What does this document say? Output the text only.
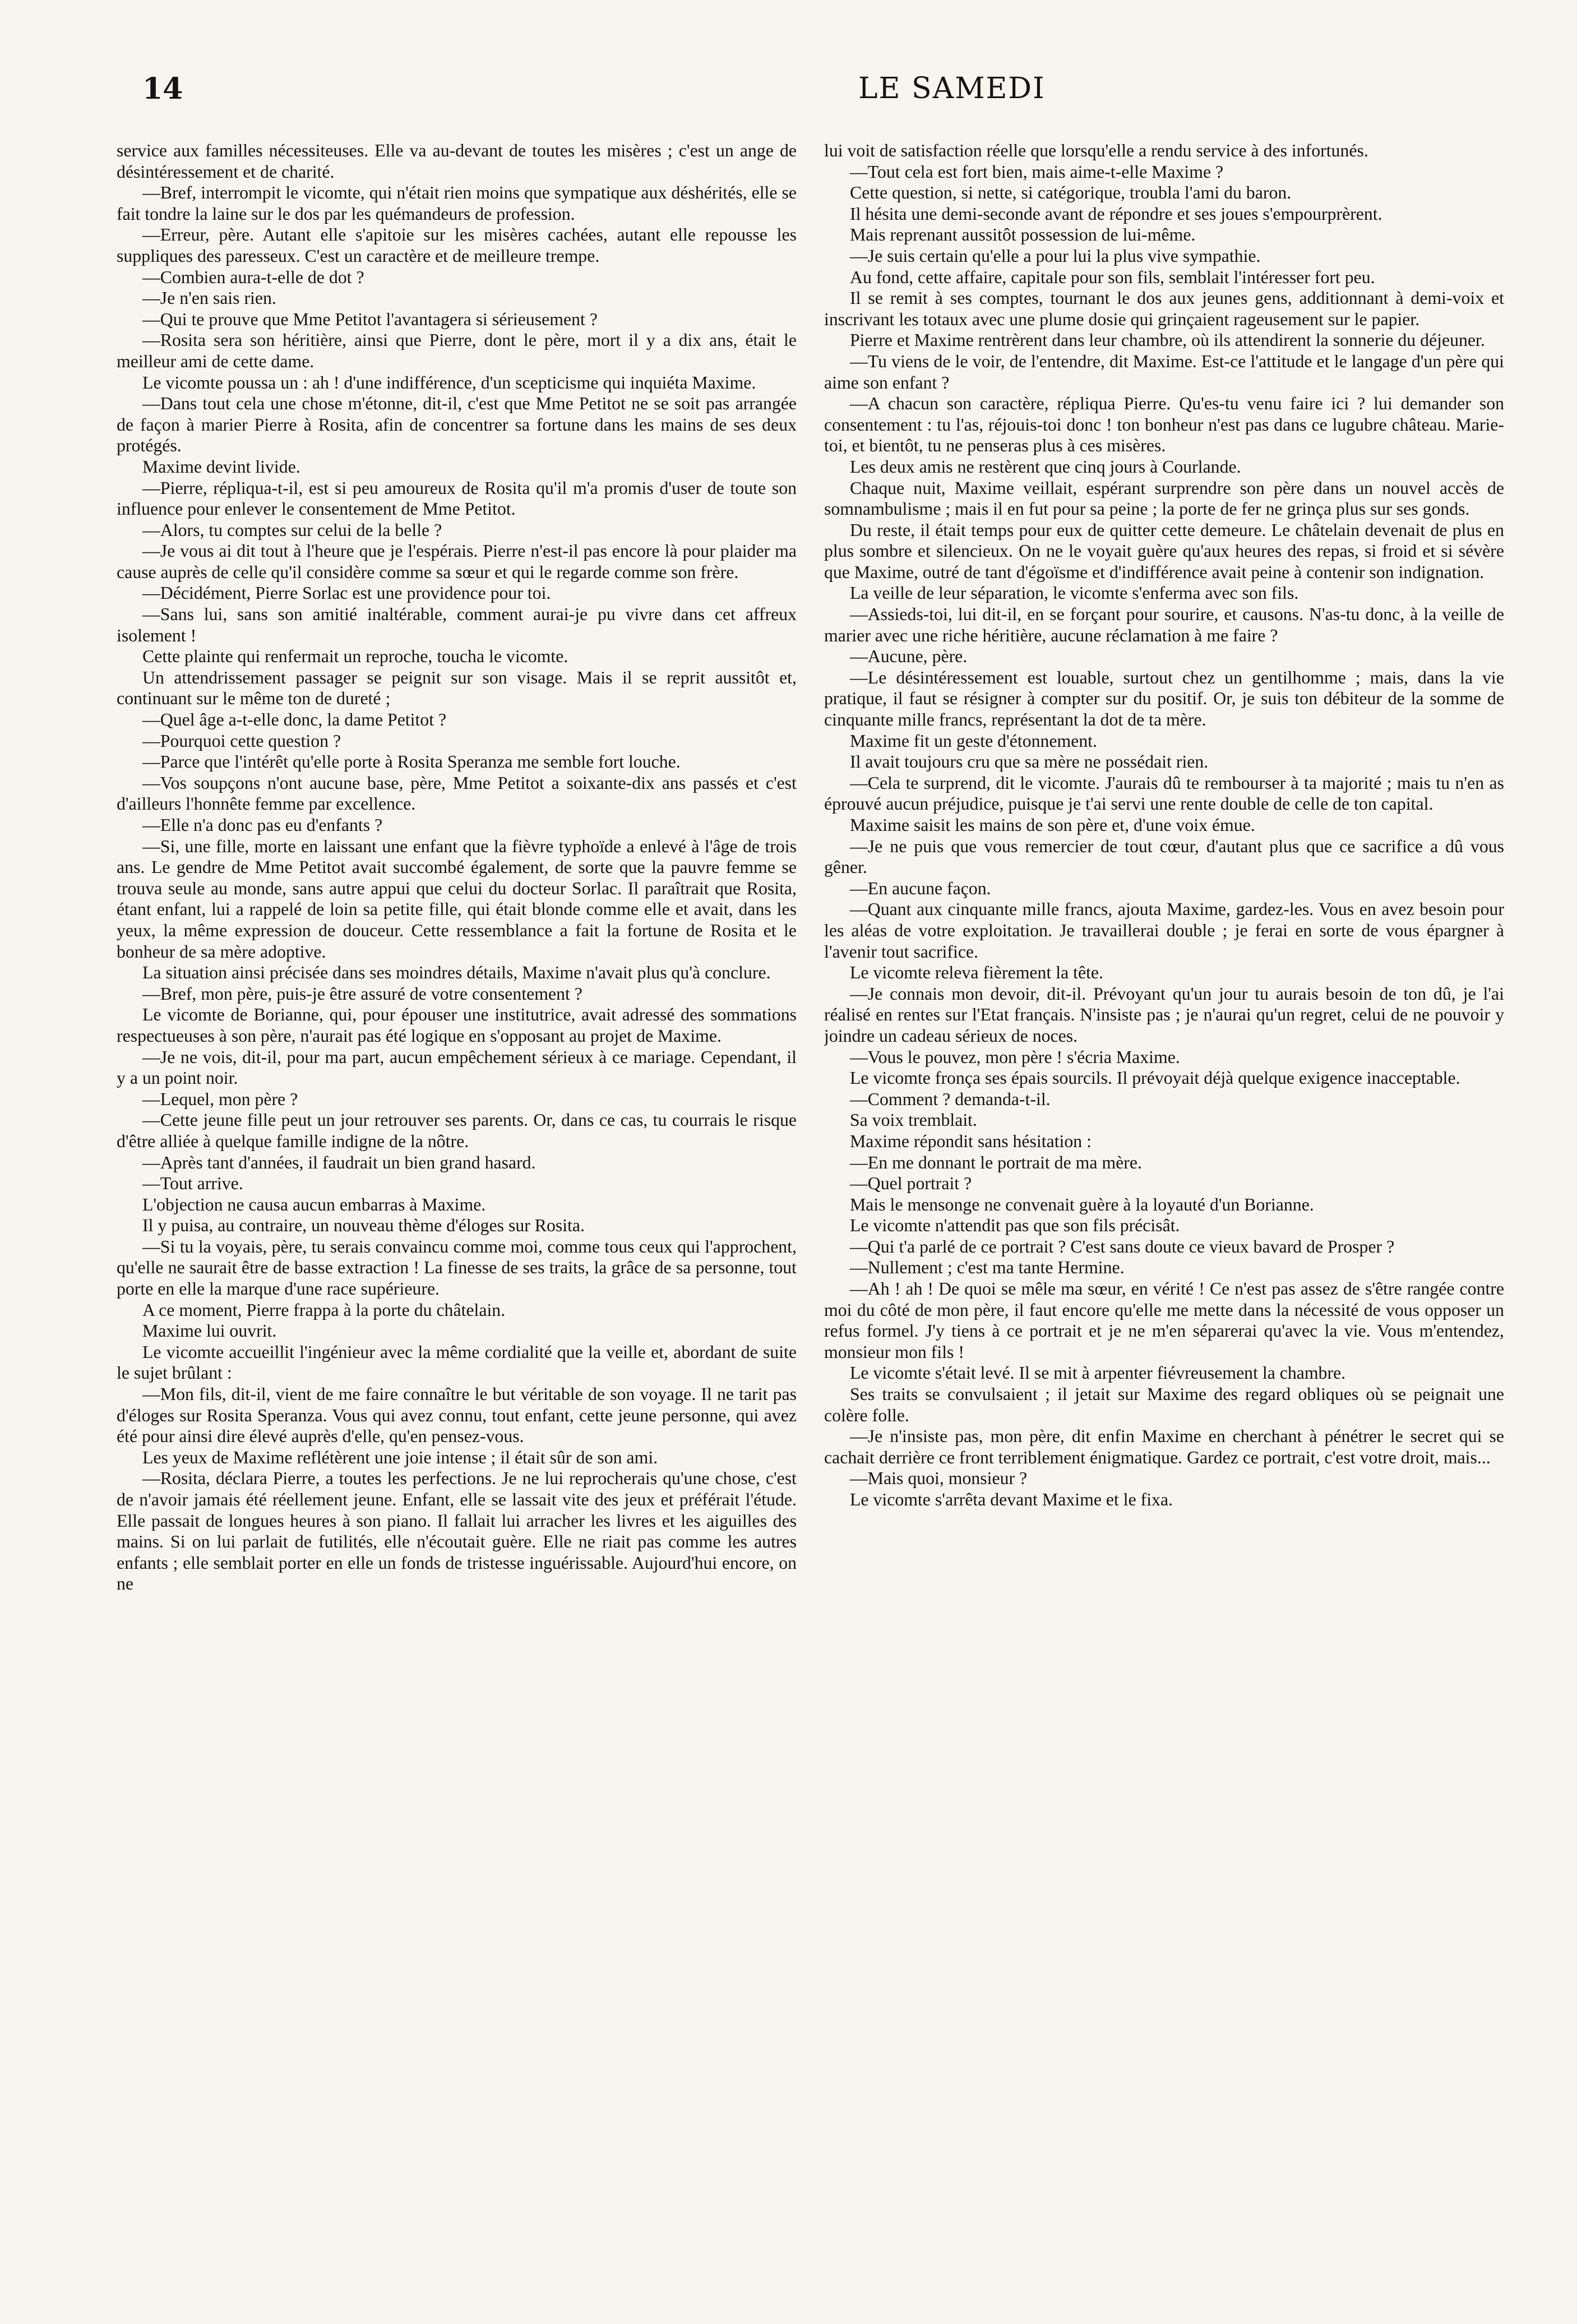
14	LE SAMEDI

service aux familles nécessiteuses. Elle va au-devant de toutes les misères ; c'est un ange de désintéressement et de charité.

—Bref, interrompit le vicomte, qui n'était rien moins que sympatique aux déshérités, elle se fait tondre la laine sur le dos par les quémandeurs de profession.

—Erreur, père. Autant elle s'apitoie sur les misères cachées, autant elle repousse les suppliques des paresseux. C'est un caractère et de meilleure trempe.

—Combien aura-t-elle de dot ?

—Je n'en sais rien.

—Qui te prouve que Mme Petitot l'avantagera si sérieusement ?

—Rosita sera son héritière, ainsi que Pierre, dont le père, mort il y a dix ans, était le meilleur ami de cette dame.

Le vicomte poussa un : ah ! d'une indifférence, d'un scepticisme qui inquiéta Maxime.

—Dans tout cela une chose m'étonne, dit-il, c'est que Mme Petitot ne se soit pas arrangée de façon à marier Pierre à Rosita, afin de concentrer sa fortune dans les mains de ses deux protégés.

Maxime devint livide.

—Pierre, répliqua-t-il, est si peu amoureux de Rosita qu'il m'a promis d'user de toute son influence pour enlever le consentement de Mme Petitot.

—Alors, tu comptes sur celui de la belle ?

—Je vous ai dit tout à l'heure que je l'espérais. Pierre n'est-il pas encore là pour plaider ma cause auprès de celle qu'il considère comme sa sœur et qui le regarde comme son frère.

—Décidément, Pierre Sorlac est une providence pour toi.

—Sans lui, sans son amitié inaltérable, comment aurai-je pu vivre dans cet affreux isolement !

Cette plainte qui renfermait un reproche, toucha le vicomte.

Un attendrissement passager se peignit sur son visage. Mais il se reprit aussitôt et, continuant sur le même ton de dureté ;

—Quel âge a-t-elle donc, la dame Petitot ?

—Pourquoi cette question ?

—Parce que l'intérêt qu'elle porte à Rosita Speranza me semble fort louche.

—Vos soupçons n'ont aucune base, père, Mme Petitot a soixante-dix ans passés et c'est d'ailleurs l'honnête femme par excellence.

—Elle n'a donc pas eu d'enfants ?

—Si, une fille, morte en laissant une enfant que la fièvre typhoïde a enlevé à l'âge de trois ans. Le gendre de Mme Petitot avait succombé également, de sorte que la pauvre femme se trouva seule au monde, sans autre appui que celui du docteur Sorlac. Il paraîtrait que Rosita, étant enfant, lui a rappelé de loin sa petite fille, qui était blonde comme elle et avait, dans les yeux, la même expression de douceur. Cette ressemblance a fait la fortune de Rosita et le bonheur de sa mère adoptive.

La situation ainsi précisée dans ses moindres détails, Maxime n'avait plus qu'à conclure.

—Bref, mon père, puis-je être assuré de votre consentement ?

Le vicomte de Borianne, qui, pour épouser une institutrice, avait adressé des sommations respectueuses à son père, n'aurait pas été logique en s'opposant au projet de Maxime.

—Je ne vois, dit-il, pour ma part, aucun empêchement sérieux à ce mariage. Cependant, il y a un point noir.

—Lequel, mon père ?

—Cette jeune fille peut un jour retrouver ses parents. Or, dans ce cas, tu courrais le risque d'être alliée à quelque famille indigne de la nôtre.

—Après tant d'années, il faudrait un bien grand hasard.

—Tout arrive.

L'objection ne causa aucun embarras à Maxime.

Il y puisa, au contraire, un nouveau thème d'éloges sur Rosita.

—Si tu la voyais, père, tu serais convaincu comme moi, comme tous ceux qui l'approchent, qu'elle ne saurait être de basse extraction ! La finesse de ses traits, la grâce de sa personne, tout porte en elle la marque d'une race supérieure.

A ce moment, Pierre frappa à la porte du châtelain.

Maxime lui ouvrit.

Le vicomte accueillit l'ingénieur avec la même cordialité que la veille et, abordant de suite le sujet brûlant :

—Mon fils, dit-il, vient de me faire connaître le but véritable de son voyage. Il ne tarit pas d'éloges sur Rosita Speranza. Vous qui avez connu, tout enfant, cette jeune personne, qui avez été pour ainsi dire élevé auprès d'elle, qu'en pensez-vous.

Les yeux de Maxime reflétèrent une joie intense ; il était sûr de son ami.

—Rosita, déclara Pierre, a toutes les perfections. Je ne lui reprocherais qu'une chose, c'est de n'avoir jamais été réellement jeune. Enfant, elle se lassait vite des jeux et préférait l'étude. Elle passait de longues heures à son piano. Il fallait lui arracher les livres et les aiguilles des mains. Si on lui parlait de futilités, elle n'écoutait guère. Elle ne riait pas comme les autres enfants ; elle semblait porter en elle un fonds de tristesse inguérissable. Aujourd'hui encore, on ne

lui voit de satisfaction réelle que lorsqu'elle a rendu service à des infortunés.

—Tout cela est fort bien, mais aime-t-elle Maxime ?

Cette question, si nette, si catégorique, troubla l'ami du baron.

Il hésita une demi-seconde avant de répondre et ses joues s'empourprèrent.

Mais reprenant aussitôt possession de lui-même.

—Je suis certain qu'elle a pour lui la plus vive sympathie.

Au fond, cette affaire, capitale pour son fils, semblait l'intéresser fort peu.

Il se remit à ses comptes, tournant le dos aux jeunes gens, additionnant à demi-voix et inscrivant les totaux avec une plume dosie qui grinçaient rageusement sur le papier.

Pierre et Maxime rentrèrent dans leur chambre, où ils attendirent la sonnerie du déjeuner.

—Tu viens de le voir, de l'entendre, dit Maxime. Est-ce l'attitude et le langage d'un père qui aime son enfant ?

—A chacun son caractère, répliqua Pierre. Qu'es-tu venu faire ici ? lui demander son consentement : tu l'as, réjouis-toi donc ! ton bonheur n'est pas dans ce lugubre château. Marie-toi, et bientôt, tu ne penseras plus à ces misères.

Les deux amis ne restèrent que cinq jours à Courlande.

Chaque nuit, Maxime veillait, espérant surprendre son père dans un nouvel accès de somnambulisme ; mais il en fut pour sa peine ; la porte de fer ne grinça plus sur ses gonds.

Du reste, il était temps pour eux de quitter cette demeure. Le châtelain devenait de plus en plus sombre et silencieux. On ne le voyait guère qu'aux heures des repas, si froid et si sévère que Maxime, outré de tant d'égoïsme et d'indifférence avait peine à contenir son indignation.

La veille de leur séparation, le vicomte s'enferma avec son fils.

—Assieds-toi, lui dit-il, en se forçant pour sourire, et causons. N'as-tu donc, à la veille de marier avec une riche héritière, aucune réclamation à me faire ?

—Aucune, père.

—Le désintéressement est louable, surtout chez un gentilhomme ; mais, dans la vie pratique, il faut se résigner à compter sur du positif. Or, je suis ton débiteur de la somme de cinquante mille francs, représentant la dot de ta mère.

Maxime fit un geste d'étonnement.

Il avait toujours cru que sa mère ne possédait rien.

—Cela te surprend, dit le vicomte. J'aurais dû te rembourser à ta majorité ; mais tu n'en as éprouvé aucun préjudice, puisque je t'ai servi une rente double de celle de ton capital.

Maxime saisit les mains de son père et, d'une voix émue.

—Je ne puis que vous remercier de tout cœur, d'autant plus que ce sacrifice a dû vous gêner.

—En aucune façon.

—Quant aux cinquante mille francs, ajouta Maxime, gardez-les. Vous en avez besoin pour les aléas de votre exploitation. Je travaillerai double ; je ferai en sorte de vous épargner à l'avenir tout sacrifice.

Le vicomte releva fièrement la tête.

—Je connais mon devoir, dit-il. Prévoyant qu'un jour tu aurais besoin de ton dû, je l'ai réalisé en rentes sur l'Etat français. N'insiste pas ; je n'aurai qu'un regret, celui de ne pouvoir y joindre un cadeau sérieux de noces.

—Vous le pouvez, mon père ! s'écria Maxime.

Le vicomte fronça ses épais sourcils. Il prévoyait déjà quelque exigence inacceptable.

—Comment ? demanda-t-il.

Sa voix tremblait.

Maxime répondit sans hésitation :

—En me donnant le portrait de ma mère.

—Quel portrait ?

Mais le mensonge ne convenait guère à la loyauté d'un Borianne.

Le vicomte n'attendit pas que son fils précisât.

—Qui t'a parlé de ce portrait ? C'est sans doute ce vieux bavard de Prosper ?

—Nullement ; c'est ma tante Hermine.

—Ah ! ah ! De quoi se mêle ma sœur, en vérité ! Ce n'est pas assez de s'être rangée contre moi du côté de mon père, il faut encore qu'elle me mette dans la nécessité de vous opposer un refus formel. J'y tiens à ce portrait et je ne m'en séparerai qu'avec la vie. Vous m'entendez, monsieur mon fils !

Le vicomte s'était levé. Il se mit à arpenter fiévreusement la chambre.

Ses traits se convulsaient ; il jetait sur Maxime des regard obliques où se peignait une colère folle.

—Je n'insiste pas, mon père, dit enfin Maxime en cherchant à pénétrer le secret qui se cachait derrière ce front terriblement énigmatique. Gardez ce portrait, c'est votre droit, mais...

—Mais quoi, monsieur ?

Le vicomte s'arrêta devant Maxime et le fixa.
